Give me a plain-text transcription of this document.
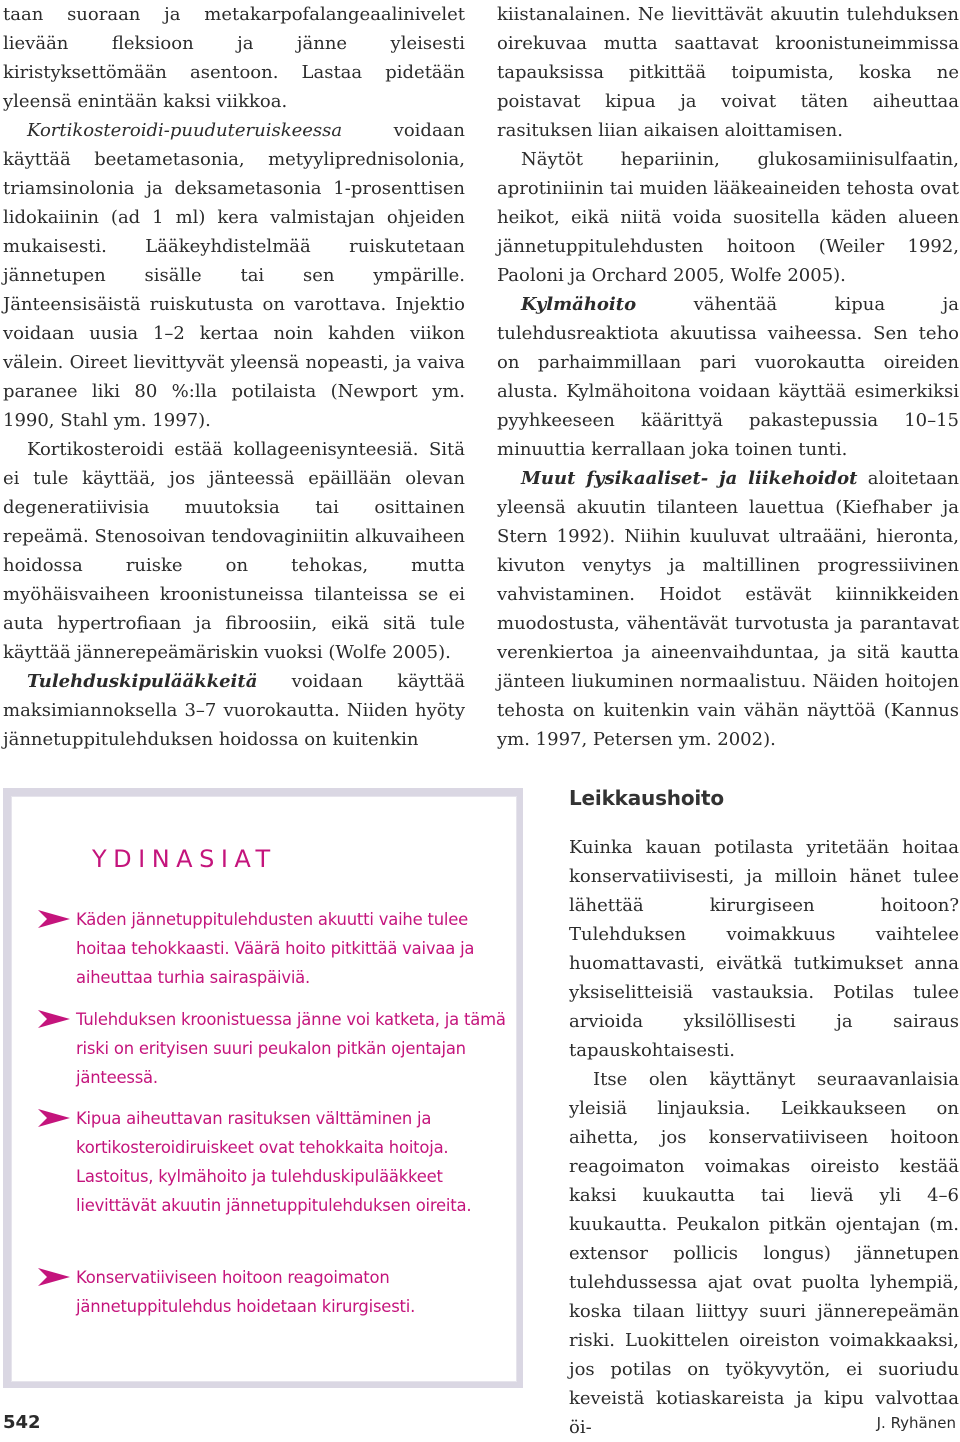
taan suoraan ja metakarpofalangeaalinivelet lievään fleksioon ja jänne yleisesti kiristyksettömään asentoon. Lastaa pidetään yleensä enintään kaksi viikkoa.

Kortikosteroidi-puuduteruiskeessa voidaan käyttää beetametasonia, metyyliprednisolonia, triamsinolonia ja deksametasonia 1-prosenttisen lidokaiinin (ad 1 ml) kera valmistajan ohjeiden mukaisesti. Lääkeyhdistelmää ruiskutetaan jännetupen sisälle tai sen ympärille. Jänteensisäistä ruiskutusta on varottava. Injektio voidaan uusia 1–2 kertaa noin kahden viikon välein. Oireet lievittyvät yleensä nopeasti, ja vaiva paranee liki 80 %:lla potilaista (Newport ym. 1990, Stahl ym. 1997).

Kortikosteroidi estää kollageenisynteesiä. Sitä ei tule käyttää, jos jänteessä epäillään olevan degeneratiivisia muutoksia tai osittainen repeämä. Stenosoivan tendovaginiitin alkuvaiheen hoidossa ruiske on tehokas, mutta myöhäisvaiheen kroonistuneissa tilanteissa se ei auta hypertrofiaan ja fibroosiin, eikä sitä tule käyttää jännerepeämäriskin vuoksi (Wolfe 2005).

Tulehduskipulääkkeitä voidaan käyttää maksimiannoksella 3–7 vuorokautta. Niiden hyöty jännetuppitulehduksen hoidossa on kuitenkin

kiistanalainen. Ne lievittävät akuutin tulehduksen oirekuvaa mutta saattavat kroonistuneimmissa tapauksissa pitkittää toipumista, koska ne poistavat kipua ja voivat täten aiheuttaa rasituksen liian aikaisen aloittamisen.

Näytöt hepariinin, glukosamiinisulfaatin, aprotiniinin tai muiden lääkeaineiden tehosta ovat heikot, eikä niitä voida suositella käden alueen jännetuppitulehdusten hoitoon (Weiler 1992, Paoloni ja Orchard 2005, Wolfe 2005).

Kylmähoito vähentää kipua ja tulehdusreaktiota akuutissa vaiheessa. Sen teho on parhaimmillaan pari vuorokautta oireiden alusta. Kylmähoitona voidaan käyttää esimerkiksi pyyhkeeseen käärittyä pakastepussia 10–15 minuuttia kerrallaan joka toinen tunti.

Muut fysikaaliset- ja liikehoidot aloitetaan yleensä akuutin tilanteen lauettua (Kiefhaber ja Stern 1992). Niihin kuuluvat ultraääni, hieronta, kivuton venytys ja maltillinen progressiivinen vahvistaminen. Hoidot estävät kiinnikkeiden muodostusta, vähentävät turvotusta ja parantavat verenkiertoa ja aineenvaihduntaa, ja sitä kautta jänteen liukuminen normaalistuu. Näiden hoitojen tehosta on kuitenkin vain vähän näyttöä (Kannus ym. 1997, Petersen ym. 2002).

YDINASIAT
Käden jännetuppitulehdusten akuutti vaihe tulee hoitaa tehokkaasti. Väärä hoito pitkittää vaivaa ja aiheuttaa turhia sairaspäiviä.
Tulehduksen kroonistuessa jänne voi katketa, ja tämä riski on erityisen suuri peukalon pitkän ojentajan jänteessä.
Kipua aiheuttavan rasituksen välttäminen ja kortikosteroidiruiskeet ovat tehokkaita hoitoja. Lastoitus, kylmähoito ja tulehduskipulääkkeet lievittävät akuutin jännetuppitulehduksen oireita.
Konservatiiviseen hoitoon reagoimaton jännetuppitulehdus hoidetaan kirurgisesti.
Leikkaushoito

Kuinka kauan potilasta yritetään hoitaa konservatiivisesti, ja milloin hänet tulee lähettää kirurgiseen hoitoon? Tulehduksen voimakkuus vaihtelee huomattavasti, eivätkä tutkimukset anna yksiselitteisiä vastauksia. Potilas tulee arvioida yksilöllisesti ja sairaus tapauskohtaisesti.

Itse olen käyttänyt seuraavanlaisia yleisiä linjauksia. Leikkaukseen on aihetta, jos konservatiiviseen hoitoon reagoimaton voimakas oireisto kestää kaksi kuukautta tai lievä yli 4–6 kuukautta. Peukalon pitkän ojentajan (m. extensor pollicis longus) jännetupen tulehdussessa ajat ovat puolta lyhempiä, koska tilaan liittyy suuri jännerepeämän riski. Luokittelen oireiston voimakkaaksi, jos potilas on työkyvytön, ei suoriudu keveistä kotiaskareista ja kipu valvottaa öi-

542	J. Ryhänen
